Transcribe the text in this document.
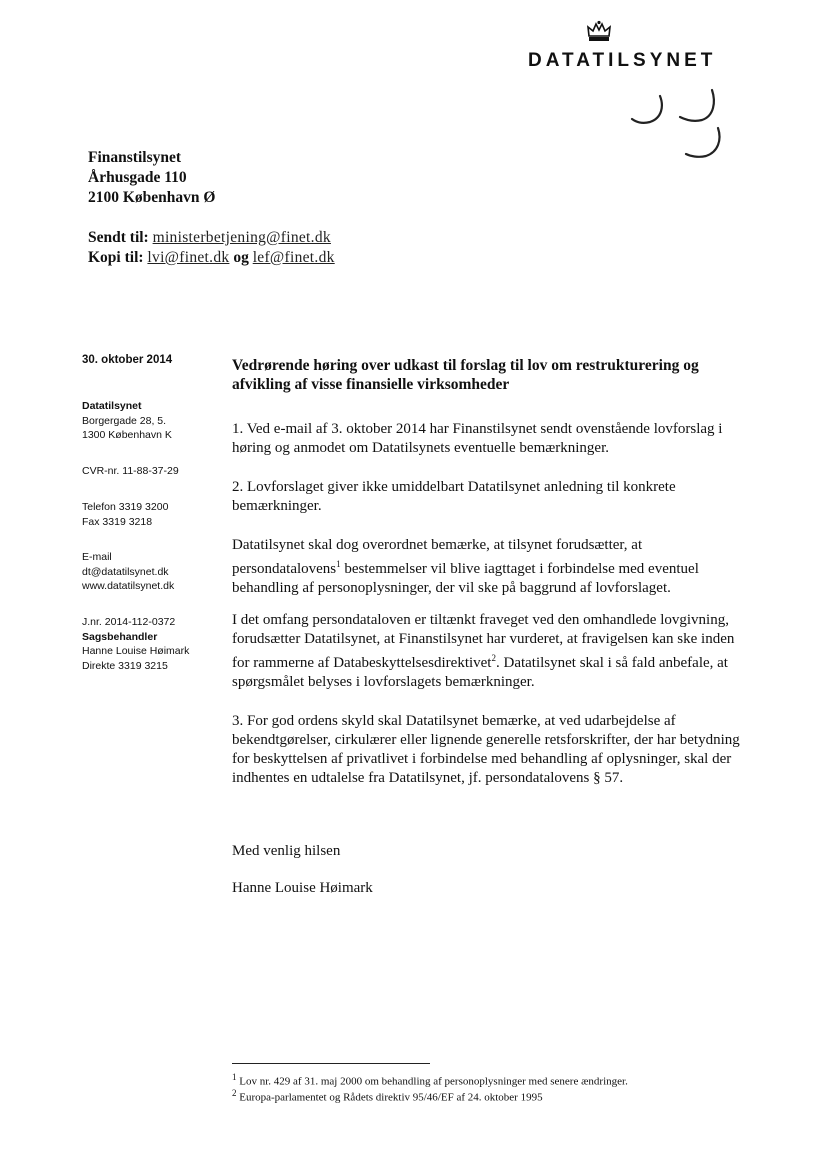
DATATILSYNET
Finanstilsynet
Århusgade 110
2100 København Ø
Sendt til: ministerbetjening@finet.dk
Kopi til: lvi@finet.dk og lef@finet.dk
30. oktober 2014
Datatilsynet
Borgergade 28, 5.
1300 København K
CVR-nr. 11-88-37-29
Telefon 3319 3200
Fax 3319 3218
E-mail
dt@datatilsynet.dk
www.datatilsynet.dk
J.nr. 2014-112-0372
Sagsbehandler
Hanne Louise Høimark
Direkte 3319 3215
Vedrørende høring over udkast til forslag til lov om restrukturering og afvikling af visse finansielle virksomheder
1. Ved e-mail af 3. oktober 2014 har Finanstilsynet sendt ovenstående lovforslag i høring og anmodet om Datatilsynets eventuelle bemærkninger.
2. Lovforslaget giver ikke umiddelbart Datatilsynet anledning til konkrete bemærkninger.
Datatilsynet skal dog overordnet bemærke, at tilsynet forudsætter, at persondatalovens$^1$ bestemmelser vil blive iagttaget i forbindelse med eventuel behandling af personoplysninger, der vil ske på baggrund af lovforslaget.
I det omfang persondataloven er tiltænkt fraveget ved den omhandlede lovgivning, forudsætter Datatilsynet, at Finanstilsynet har vurderet, at fravigelsen kan ske inden for rammerne af Databeskyttelsesdirektivet$^2$. Datatilsynet skal i så fald anbefale, at spørgsmålet belyses i lovforslagets bemærkninger.
3. For god ordens skyld skal Datatilsynet bemærke, at ved udarbejdelse af bekendtgørelser, cirkulærer eller lignende generelle retsforskrifter, der har betydning for beskyttelsen af privatlivet i forbindelse med behandling af oplysninger, skal der indhentes en udtalelse fra Datatilsynet, jf. persondatalovens § 57.
Med venlig hilsen
Hanne Louise Høimark
$^1$ Lov nr. 429 af 31. maj 2000 om behandling af personoplysninger med senere ændringer.
$^2$ Europa-parlamentet og Rådets direktiv 95/46/EF af 24. oktober 1995
